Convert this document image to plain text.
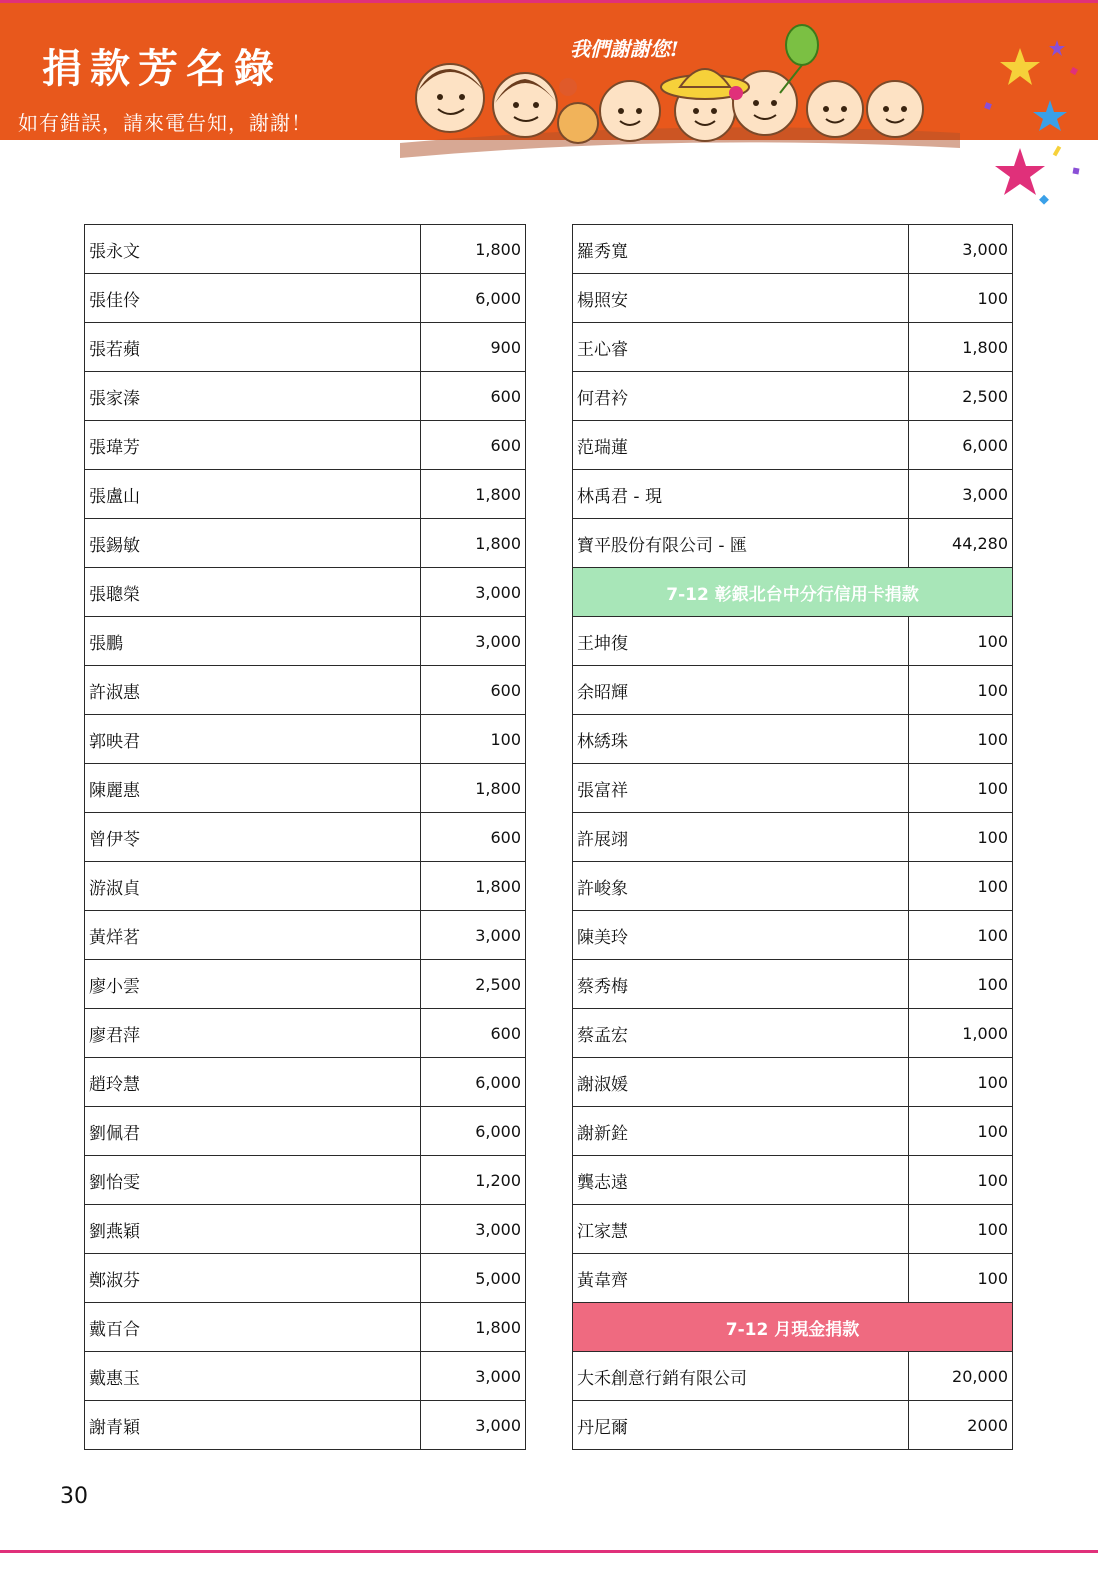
捐款芳名錄
如有錯誤，請來電告知，謝謝！
我們謝謝您!
張永文	1,800
張佳伶	6,000
張若蘋	900
張家溱	600
張瑋芳	600
張盧山	1,800
張錫敏	1,800
張聰榮	3,000
張鵬	3,000
許淑惠	600
郭映君	100
陳麗惠	1,800
曾伊苓	600
游淑貞	1,800
黃烊茗	3,000
廖小雲	2,500
廖君萍	600
趙玲慧	6,000
劉佩君	6,000
劉怡雯	1,200
劉燕穎	3,000
鄭淑芬	5,000
戴百合	1,800
戴惠玉	3,000
謝青穎	3,000
羅秀寬	3,000
楊照安	100
王心睿	1,800
何君衿	2,500
范瑞蓮	6,000
林禹君 - 現	3,000
寶平股份有限公司 - 匯	44,280
7-12 彰銀北台中分行信用卡捐款	
王坤復	100
余昭輝	100
林綉珠	100
張富祥	100
許展翊	100
許峻象	100
陳美玲	100
蔡秀梅	100
蔡孟宏	1,000
謝淑媛	100
謝新銓	100
龔志遠	100
江家慧	100
黃韋齊	100
7-12 月現金捐款	
大禾創意行銷有限公司	20,000
丹尼爾	2000
30
